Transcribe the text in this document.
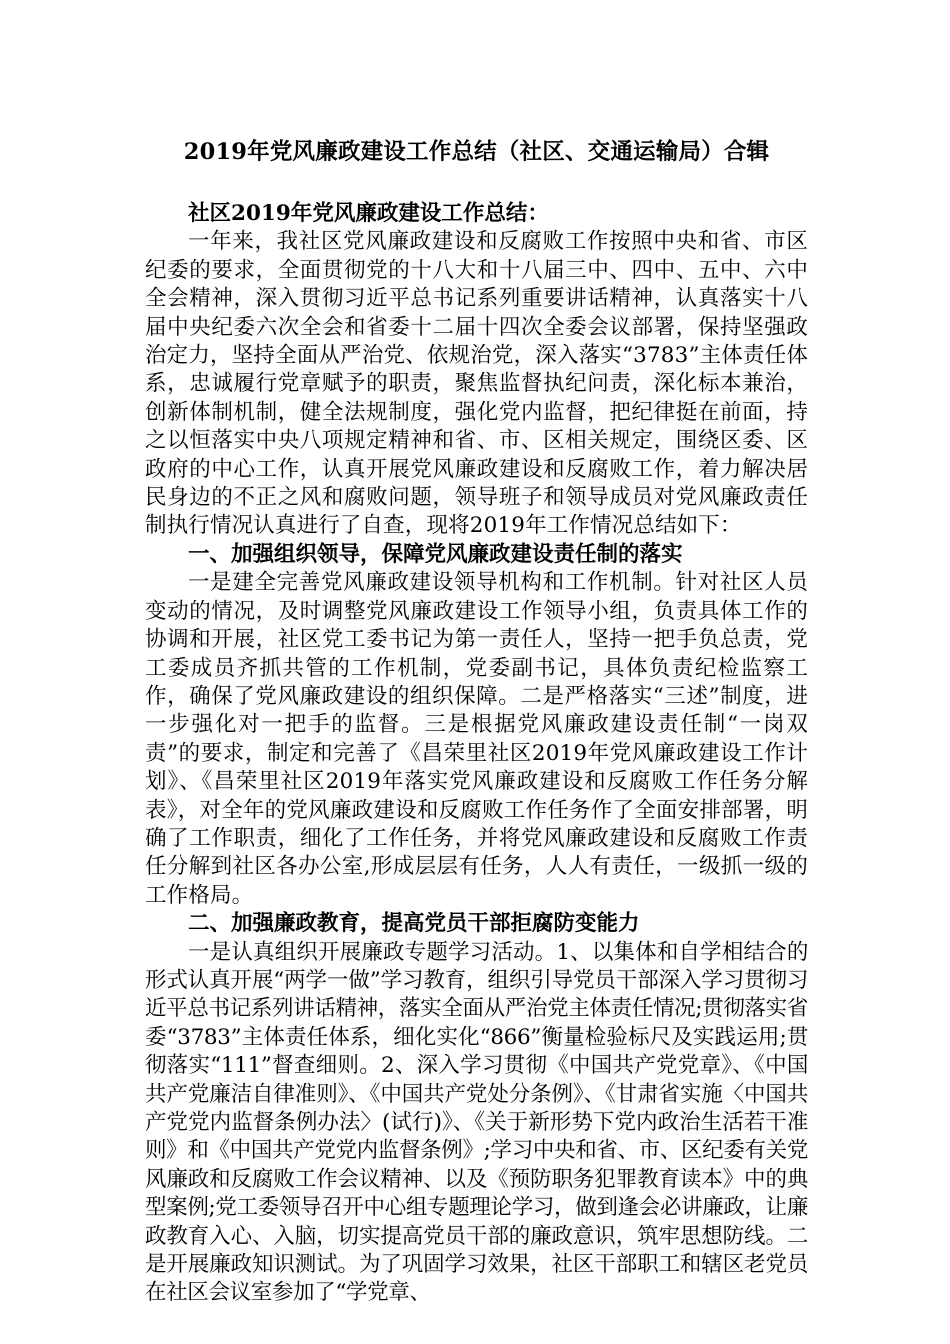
2019年党风廉政建设工作总结（社区、交通运输局）合辑

社区2019年党风廉政建设工作总结：

一年来，我社区党风廉政建设和反腐败工作按照中央和省、市区纪委的要求，全面贯彻党的十八大和十八届三中、四中、五中、六中全会精神，深入贯彻习近平总书记系列重要讲话精神，认真落实十八届中央纪委六次全会和省委十二届十四次全委会议部署，保持坚强政治定力，坚持全面从严治党、依规治党，深入落实“3783”主体责任体系，忠诚履行党章赋予的职责，聚焦监督执纪问责，深化标本兼治，创新体制机制，健全法规制度，强化党内监督，把纪律挺在前面，持之以恒落实中央八项规定精神和省、市、区相关规定，围绕区委、区政府的中心工作，认真开展党风廉政建设和反腐败工作，着力解决居民身边的不正之风和腐败问题，领导班子和领导成员对党风廉政责任制执行情况认真进行了自查，现将2019年工作情况总结如下：

一、加强组织领导，保障党风廉政建设责任制的落实

一是建全完善党风廉政建设领导机构和工作机制。针对社区人员变动的情况，及时调整党风廉政建设工作领导小组，负责具体工作的协调和开展，社区党工委书记为第一责任人，坚持一把手负总责，党工委成员齐抓共管的工作机制，党委副书记，具体负责纪检监察工作，确保了党风廉政建设的组织保障。二是严格落实“三述”制度，进一步强化对一把手的监督。三是根据党风廉政建设责任制“一岗双责”的要求，制定和完善了《昌荣里社区2019年党风廉政建设工作计划》、《昌荣里社区2019年落实党风廉政建设和反腐败工作任务分解表》，对全年的党风廉政建设和反腐败工作任务作了全面安排部署，明确了工作职责，细化了工作任务，并将党风廉政建设和反腐败工作责任分解到社区各办公室,形成层层有任务，人人有责任，一级抓一级的工作格局。

二、加强廉政教育，提高党员干部拒腐防变能力

一是认真组织开展廉政专题学习活动。1、以集体和自学相结合的形式认真开展“两学一做”学习教育，组织引导党员干部深入学习贯彻习近平总书记系列讲话精神，落实全面从严治党主体责任情况;贯彻落实省委“3783”主体责任体系，细化实化“866”衡量检验标尺及实践运用;贯彻落实“111”督查细则。2、深入学习贯彻《中国共产党党章》、《中国共产党廉洁自律准则》、《中国共产党处分条例》、《甘肃省实施〈中国共产党党内监督条例办法〉(试行)》、《关于新形势下党内政治生活若干准则》和《中国共产党党内监督条例》;学习中央和省、市、区纪委有关党风廉政和反腐败工作会议精神、以及《预防职务犯罪教育读本》中的典型案例;党工委领导召开中心组专题理论学习，做到逢会必讲廉政，让廉政教育入心、入脑，切实提高党员干部的廉政意识，筑牢思想防线。二是开展廉政知识测试。为了巩固学习效果，社区干部职工和辖区老党员在社区会议室参加了“学党章、
